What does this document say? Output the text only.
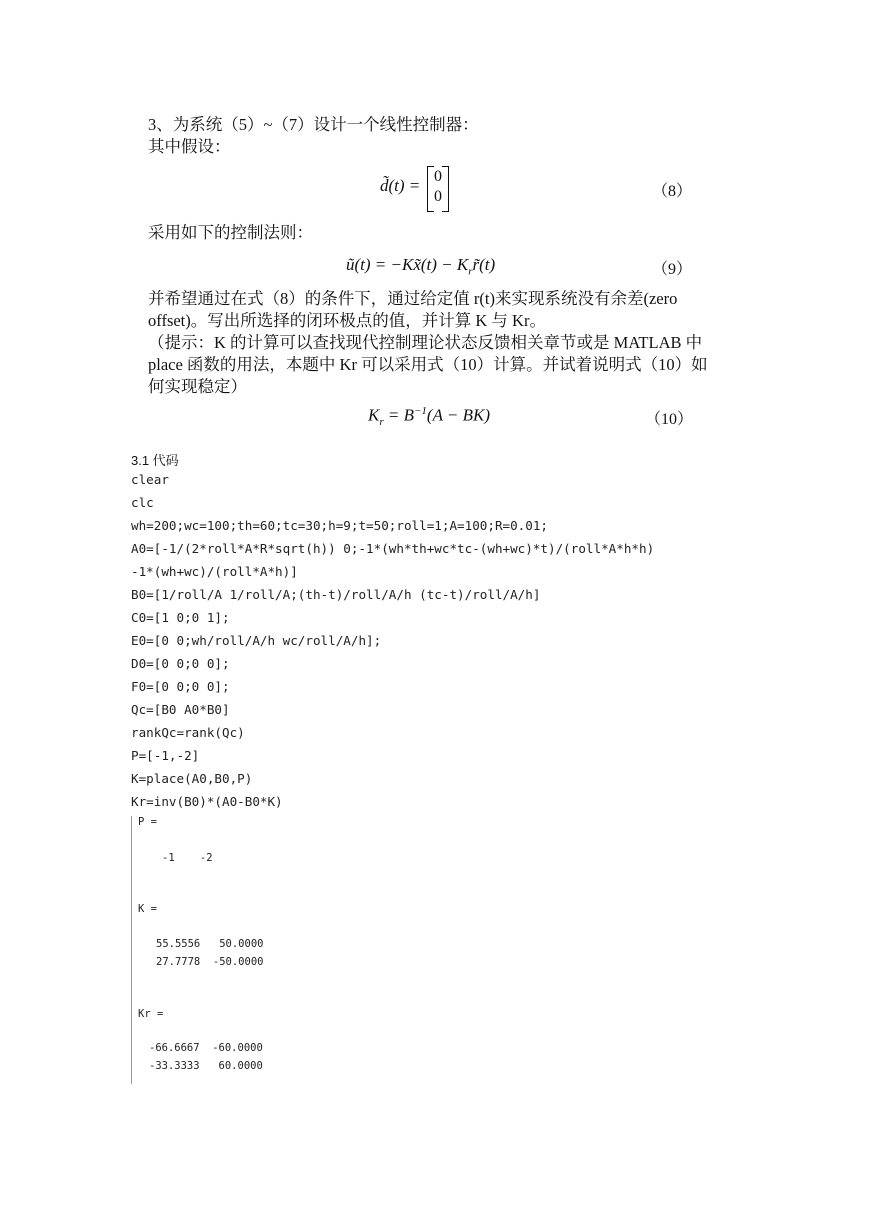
3、为系统（5）~（7）设计一个线性控制器：
其中假设：
d̃(t) = 0
0	（8）
采用如下的控制法则：
ũ(t) = −Kx̃(t) − $K_rr̃(t)$	（9）
并希望通过在式（8）的条件下，通过给定值 r(t)来实现系统没有余差(zero
offset)。写出所选择的闭环极点的值，并计算 K 与 Kr。
（提示：K 的计算可以查找现代控制理论状态反馈相关章节或是 MATLAB 中
place 函数的用法，本题中 Kr 可以采用式（10）计算。并试着说明式（10）如
何实现稳定）
$K_r = B^{-1}(A - BK)$	（10）
3.1 代码
clear
clc
wh=200;wc=100;th=60;tc=30;h=9;t=50;roll=1;A=100;R=0.01;
A0=[-1/(2*roll*A*R*sqrt(h)) 0;-1*(wh*th+wc*tc-(wh+wc)*t)/(roll*A*h*h)
-1*(wh+wc)/(roll*A*h)]
B0=[1/roll/A 1/roll/A;(th-t)/roll/A/h (tc-t)/roll/A/h]
C0=[1 0;0 1];
E0=[0 0;wh/roll/A/h wc/roll/A/h];
D0=[0 0;0 0];
F0=[0 0;0 0];
Qc=[B0 A0*B0]
rankQc=rank(Qc)
P=[-1,-2]
K=place(A0,B0,P)
Kr=inv(B0)*(A0-B0*K)
P =
-1    -2
K =
55.5556   50.0000
27.7778  -50.0000
Kr =
-66.6667  -60.0000
-33.3333   60.0000
